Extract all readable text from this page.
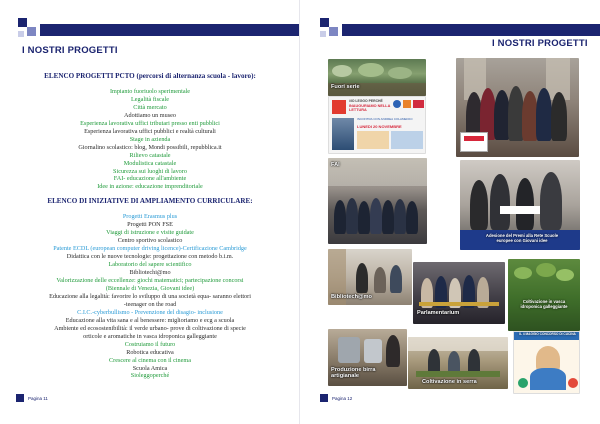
I NOSTRI PROGETTI
ELENCO PROGETTI PCTO (percorsi di alternanza scuola - lavoro):
Impianto fuoriuolo sperimentale
Legalità fiscale
Città mercato
Adottiamo un museo
Esperienza lavorativa uffici tributari presso enti pubblici
Esperienza lavorativa uffici pubblici e realtà culturali
Stage in azienda
Giornalino scolastico: blog, Mondi possibili, repubblica.it
Rilievo catastale
Modulistica catastale
Sicurezza sui luoghi di lavoro
FAI- educazione all'ambiente
Idee in azione: educazione imprenditoriale
ELENCO DI INIZIATIVE DI AMPLIAMENTO CURRICULARE:
Progetti Erasmus plus
Progetti PON FSE
Viaggi di istruzione e visite guidate
Centro sportivo scolastico
Patente ECDL (european computer driving licence)-Certificazione Cambridge
Didattica con le nuove tecnologie: progettazione con metodo b.i.m.
Laboratorio del sapere scientifico
Bibliotechi@mo
Valorizzazione delle eccellenze: giochi matematici; partecipazione concorsi
(Biennale di Venezia, Giovani idee)
Educazione alla legalità: favorire lo sviluppo di una società equa- saranno elettori
-teenager on the road
C.I.C.-cyberbullismo - Prevenzione del disagio- inclusione
Educazione alla vita sana e al benessere: miglioriamo e ecg a scuola
Ambiente ed ecosostenibilità: il verde urbano- prove di coltivazione di specie
orticole e aromatiche in vasca idroponica galleggiante
Costruiamo il futuro
Robotica educativa
Crescere al cinema con il cinema
Scuola Amica
Sioleggoperché
Pagina 11
I NOSTRI PROGETTI
Fuori serie
#IO LEGGO PERCHÉ
INAUGURIAMO NELLA LETTURA
INCONTRA CON ANDREA COLAMEDICI
LUNEDI 20 NOVEMBRE
FAI
Adesione del Premi alla Rete Scuole europee con Giovani idee
Bibliotech@mo
Parlamentarium
Coltivazione in vasca idroponica galleggiante
Produzione birra artigianale
Coltivazione in serra
IL 4 MAGGIO CONCORSO DI CUCINA
Pagina 12
